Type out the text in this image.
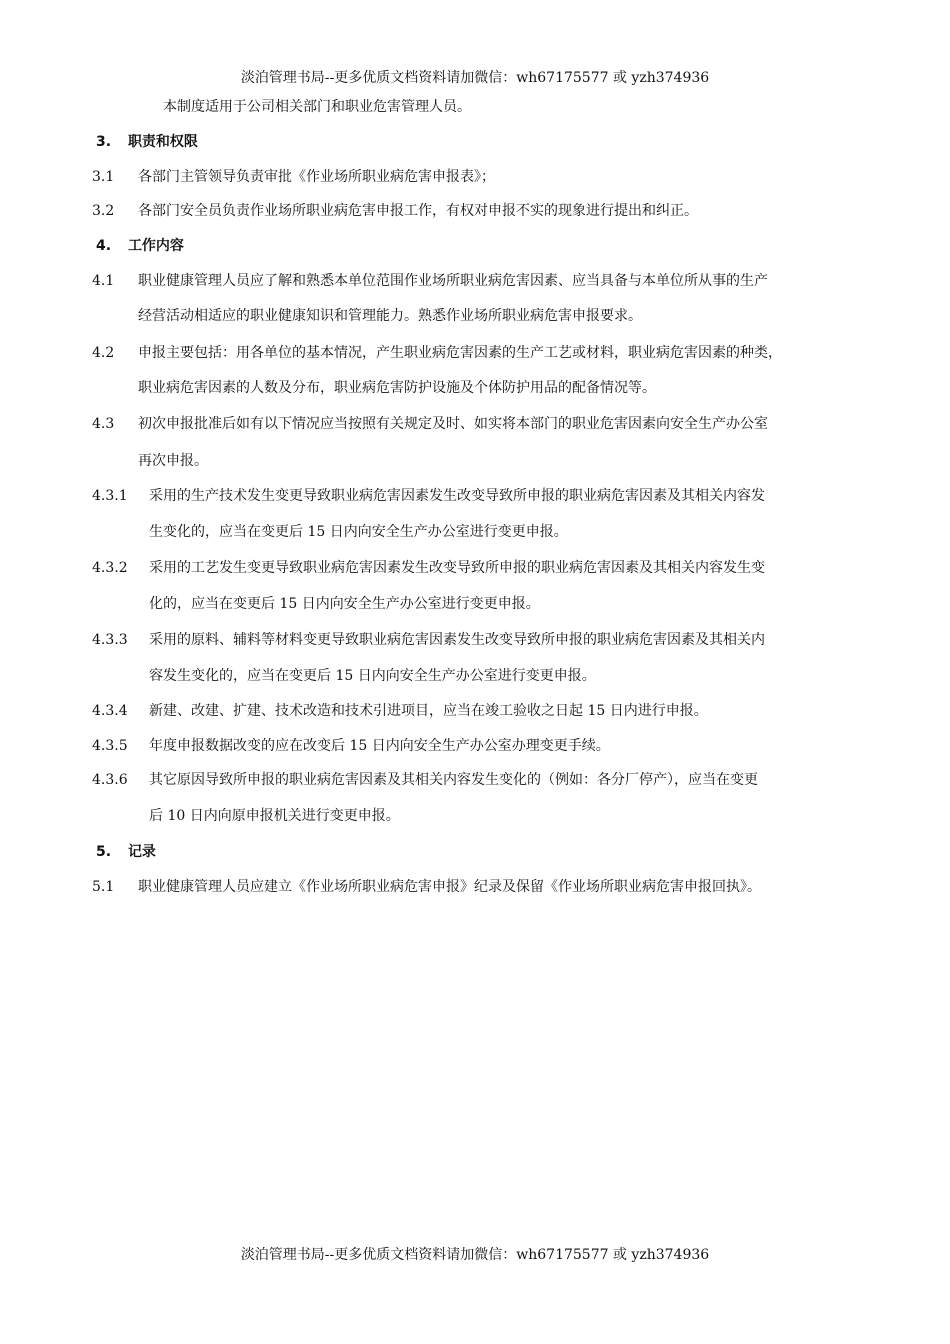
淡泊管理书局--更多优质文档资料请加微信：wh67175577 或 yzh374936
本制度适用于公司相关部门和职业危害管理人员。
3. 职责和权限
3.1 各部门主管领导负责审批《作业场所职业病危害申报表》；
3.2 各部门安全员负责作业场所职业病危害申报工作，有权对申报不实的现象进行提出和纠正。
4. 工作内容
4.1 职业健康管理人员应了解和熟悉本单位范围作业场所职业病危害因素、应当具备与本单位所从事的生产
经营活动相适应的职业健康知识和管理能力。熟悉作业场所职业病危害申报要求。
4.2 申报主要包括：用各单位的基本情况，产生职业病危害因素的生产工艺或材料，职业病危害因素的种类，
职业病危害因素的人数及分布，职业病危害防护设施及个体防护用品的配备情况等。
4.3 初次申报批准后如有以下情况应当按照有关规定及时、如实将本部门的职业危害因素向安全生产办公室
再次申报。
4.3.1 采用的生产技术发生变更导致职业病危害因素发生改变导致所申报的职业病危害因素及其相关内容发
生变化的，应当在变更后 15 日内向安全生产办公室进行变更申报。
4.3.2 采用的工艺发生变更导致职业病危害因素发生改变导致所申报的职业病危害因素及其相关内容发生变
化的，应当在变更后 15 日内向安全生产办公室进行变更申报。
4.3.3 采用的原料、辅料等材料变更导致职业病危害因素发生改变导致所申报的职业病危害因素及其相关内
容发生变化的，应当在变更后 15 日内向安全生产办公室进行变更申报。
4.3.4 新建、改建、扩建、技术改造和技术引进项目，应当在竣工验收之日起 15 日内进行申报。
4.3.5 年度申报数据改变的应在改变后 15 日内向安全生产办公室办理变更手续。
4.3.6 其它原因导致所申报的职业病危害因素及其相关内容发生变化的（例如：各分厂停产），应当在变更
后 10 日内向原申报机关进行变更申报。
5. 记录
5.1 职业健康管理人员应建立《作业场所职业病危害申报》纪录及保留《作业场所职业病危害申报回执》。
淡泊管理书局--更多优质文档资料请加微信：wh67175577 或 yzh374936
